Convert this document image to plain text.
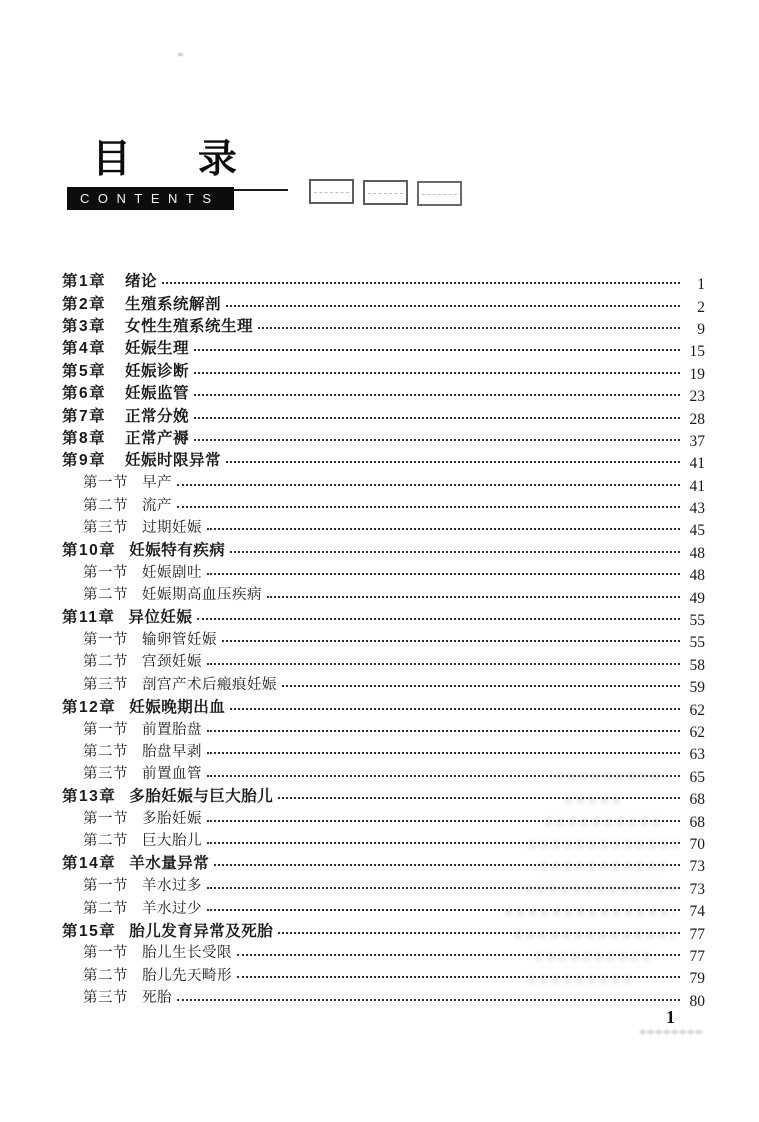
目 录
CONTENTS
第1章	绪论	1
第2章	生殖系统解剖	2
第3章	女性生殖系统生理	9
第4章	妊娠生理	15
第5章	妊娠诊断	19
第6章	妊娠监管	23
第7章	正常分娩	28
第8章	正常产褥	37
第9章	妊娠时限异常	41
第一节 早产	41
第二节 流产	43
第三节 过期妊娠	45
第10章 妊娠特有疾病	48
第一节 妊娠剧吐	48
第二节 妊娠期高血压疾病	49
第11章 异位妊娠	55
第一节 输卵管妊娠	55
第二节 宫颈妊娠	58
第三节 剖宫产术后瘢痕妊娠	59
第12章 妊娠晚期出血	62
第一节 前置胎盘	62
第二节 胎盘早剥	63
第三节 前置血管	65
第13章 多胎妊娠与巨大胎儿	68
第一节 多胎妊娠	68
第二节 巨大胎儿	70
第14章 羊水量异常	73
第一节 羊水过多	73
第二节 羊水过少	74
第15章 胎儿发育异常及死胎	77
第一节 胎儿生长受限	77
第二节 胎儿先天畸形	79
第三节 死胎	80
1
